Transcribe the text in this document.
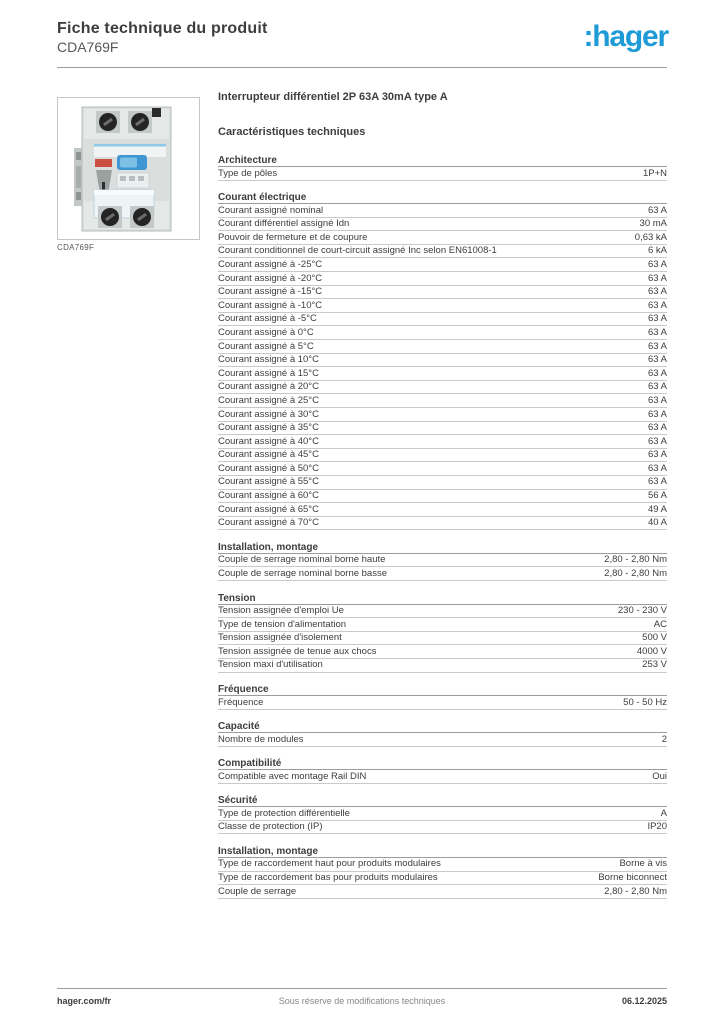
Fiche technique du produit
CDA769F	:hager
CDA769F
Interrupteur différentiel 2P 63A 30mA type A
Caractéristiques techniques
Architecture
Type de pôles	1P+N
Courant électrique
Courant assigné nominal	63 A
Courant différentiel assigné Idn	30 mA
Pouvoir de fermeture et de coupure	0,63 kA
Courant conditionnel de court-circuit assigné Inc selon EN61008-1	6 kA
Courant assigné à -25°C	63 A
Courant assigné à -20°C	63 A
Courant assigné à -15°C	63 A
Courant assigné à -10°C	63 A
Courant assigné à -5°C	63 A
Courant assigné à 0°C	63 A
Courant assigné à 5°C	63 A
Courant assigné à 10°C	63 A
Courant assigné à 15°C	63 A
Courant assigné à 20°C	63 A
Courant assigné à 25°C	63 A
Courant assigné à 30°C	63 A
Courant assigné à 35°C	63 A
Courant assigné à 40°C	63 A
Courant assigné à 45°C	63 A
Courant assigné à 50°C	63 A
Courant assigné à 55°C	63 A
Courant assigné à 60°C	56 A
Courant assigné à 65°C	49 A
Courant assigné à 70°C	40 A
Installation, montage
Couple de serrage nominal borne haute	2,80 - 2,80 Nm
Couple de serrage nominal borne basse	2,80 - 2,80 Nm
Tension
Tension assignée d'emploi Ue	230 - 230 V
Type de tension d'alimentation	AC
Tension assignée d'isolement	500 V
Tension assignée de tenue aux chocs	4000 V
Tension maxi d'utilisation	253 V
Fréquence
Fréquence	50 - 50 Hz
Capacité
Nombre de modules	2
Compatibilité
Compatible avec montage Rail DIN	Oui
Sécurité
Type de protection différentielle	A
Classe de protection (IP)	IP20
Installation, montage
Type de raccordement haut pour produits modulaires	Borne à vis
Type de raccordement bas pour produits modulaires	Borne biconnect
Couple de serrage	2,80 - 2,80 Nm
hager.com/fr	Sous réserve de modifications techniques	06.12.2025
